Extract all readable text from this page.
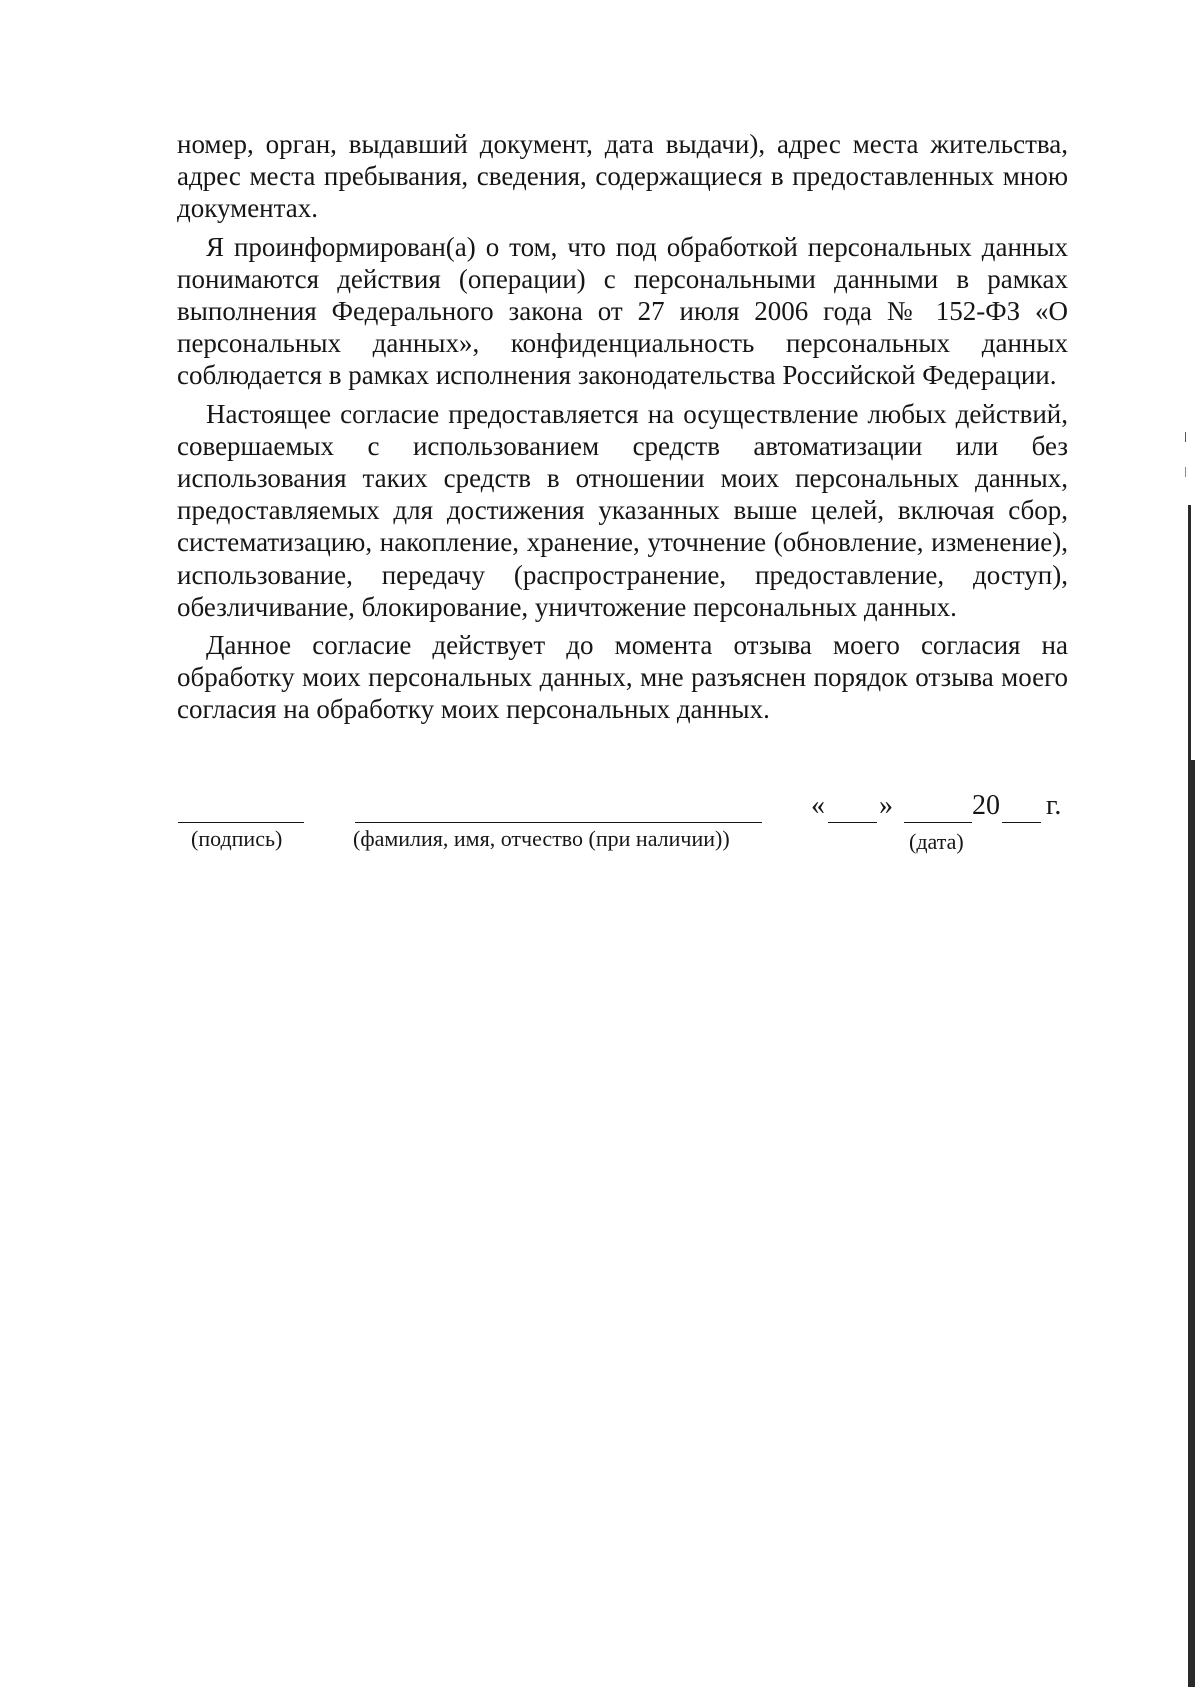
номер, орган, выдавший документ, дата выдачи), адрес места жительства, адрес места пребывания, сведения, содержащиеся в предоставленных мною документах.

Я проинформирован(а) о том, что под обработкой персональных данных понимаются действия (операции) с персональными данными в рамках выполнения Федерального закона от 27 июля 2006 года № 152-ФЗ «О персональных данных», конфиденциальность персональных данных соблюдается в рамках исполнения законодательства Российской Федерации.

Настоящее согласие предоставляется на осуществление любых действий, совершаемых с использованием средств автоматизации или без использования таких средств в отношении моих персональных данных, предоставляемых для достижения указанных выше целей, включая сбор, систематизацию, накопление, хранение, уточнение (обновление, изменение), использование, передачу (распространение, предоставление, доступ), обезличивание, блокирование, уничтожение персональных данных.

Данное согласие действует до момента отзыва моего согласия на обработку моих персональных данных, мне разъяснен порядок отзыва моего согласия на обработку моих персональных данных.

(подпись)	(фамилия, имя, отчество (при наличии))
« »	20 г.
(дата)
